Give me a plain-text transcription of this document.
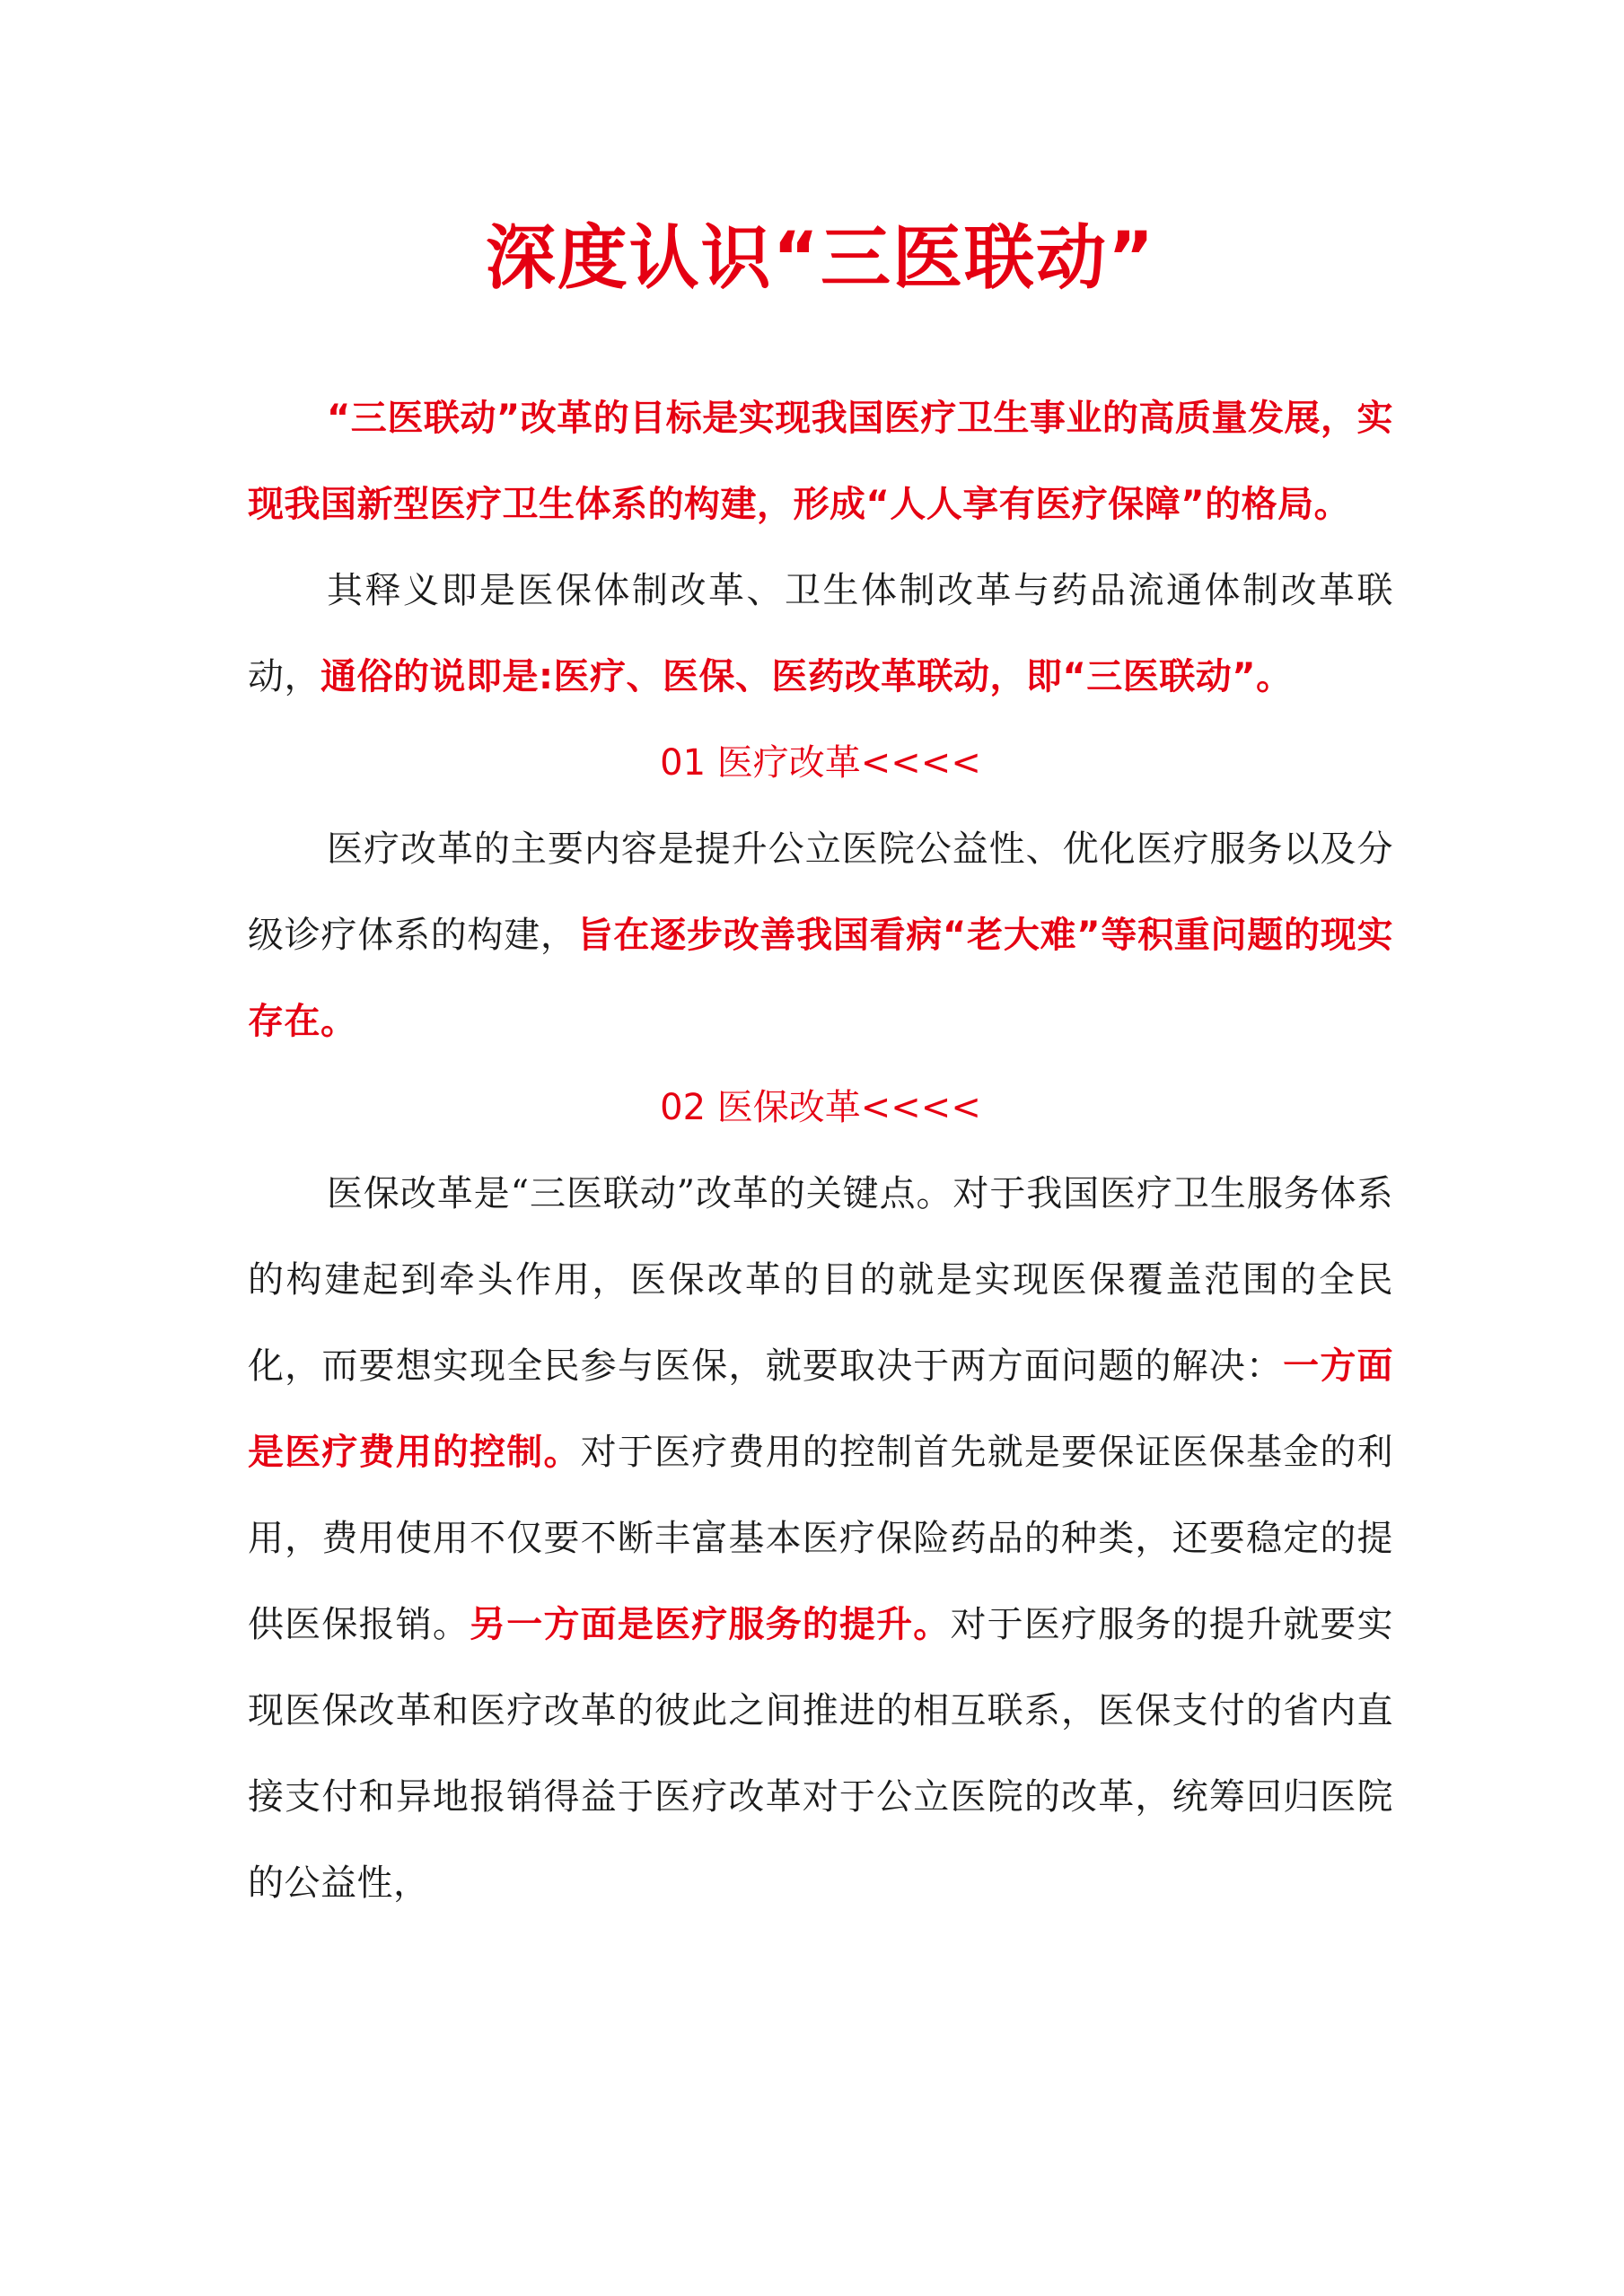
深度认识“三医联动”

“三医联动”改革的目标是实现我国医疗卫生事业的高质量发展，实现我国新型医疗卫生体系的构建，形成“人人享有医疗保障”的格局。

其释义即是医保体制改革、卫生体制改革与药品流通体制改革联动，通俗的说即是:医疗、医保、医药改革联动，即“三医联动”。

01 医疗改革<<<<

医疗改革的主要内容是提升公立医院公益性、优化医疗服务以及分级诊疗体系的构建，旨在逐步改善我国看病“老大难”等积重问题的现实存在。

02 医保改革<<<<

医保改革是“三医联动”改革的关键点。对于我国医疗卫生服务体系的构建起到牵头作用，医保改革的目的就是实现医保覆盖范围的全民化，而要想实现全民参与医保，就要取决于两方面问题的解决：一方面是医疗费用的控制。对于医疗费用的控制首先就是要保证医保基金的利用，费用使用不仅要不断丰富基本医疗保险药品的种类，还要稳定的提供医保报销。另一方面是医疗服务的提升。对于医疗服务的提升就要实现医保改革和医疗改革的彼此之间推进的相互联系，医保支付的省内直接支付和异地报销得益于医疗改革对于公立医院的改革，统筹回归医院的公益性，
